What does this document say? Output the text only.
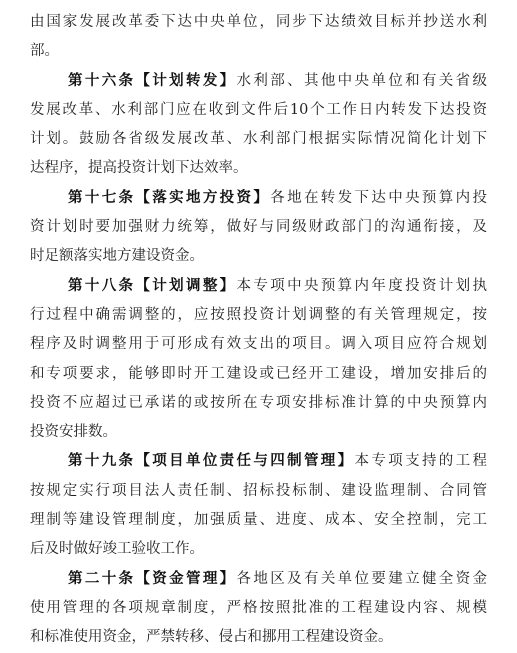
由国家发展改革委下达中央单位，同步下达绩效目标并抄送水利
部。
第十六条【计划转发】水利部、其他中央单位和有关省级
发展改革、水利部门应在收到文件后10个工作日内转发下达投资
计划。鼓励各省级发展改革、水利部门根据实际情况简化计划下
达程序，提高投资计划下达效率。
第十七条【落实地方投资】各地在转发下达中央预算内投
资计划时要加强财力统筹，做好与同级财政部门的沟通衔接，及
时足额落实地方建设资金。
第十八条【计划调整】本专项中央预算内年度投资计划执
行过程中确需调整的，应按照投资计划调整的有关管理规定，按
程序及时调整用于可形成有效支出的项目。调入项目应符合规划
和专项要求，能够即时开工建设或已经开工建设，增加安排后的
投资不应超过已承诺的或按所在专项安排标准计算的中央预算内
投资安排数。
第十九条【项目单位责任与四制管理】本专项支持的工程
按规定实行项目法人责任制、招标投标制、建设监理制、合同管
理制等建设管理制度，加强质量、进度、成本、安全控制，完工
后及时做好竣工验收工作。
第二十条【资金管理】各地区及有关单位要建立健全资金
使用管理的各项规章制度，严格按照批准的工程建设内容、规模
和标准使用资金，严禁转移、侵占和挪用工程建设资金。
